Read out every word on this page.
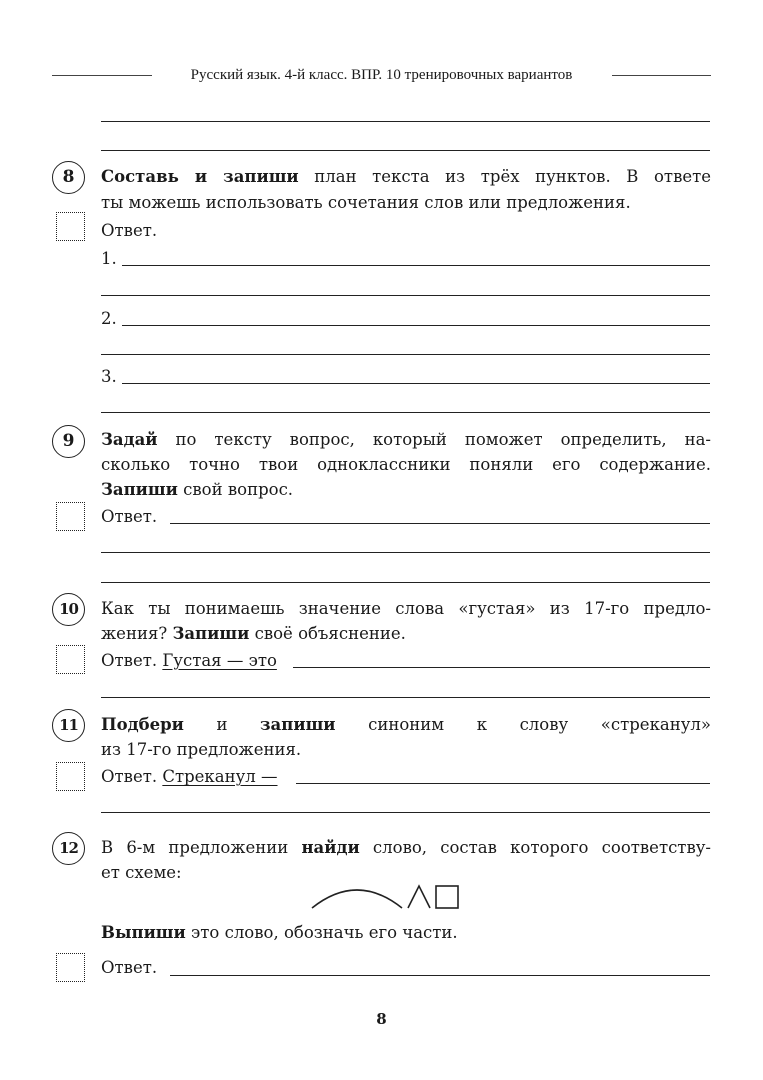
Русский язык. 4-й класс. ВПР. 10 тренировочных вариантов
8	Составь и запиши план текста из трёх пунктов. В ответе
ты можешь использовать сочетания слов или предложения.
Ответ.
1.
2.
3.
9	Задай по тексту вопрос, который поможет определить, на-
сколько точно твои одноклассники поняли его содержание.
Запиши свой вопрос.
Ответ.
10	Как ты понимаешь значение слова «густая» из 17-го предло-
жения? Запиши своё объяснение.
Ответ. Густая — это
11	Подбери и запиши синоним к слову «стреканул»
из 17-го предложения.
Ответ. Стреканул —
12	В 6-м предложении найди слово, состав которого соответству-
ет схеме:
Выпиши это слово, обозначь его части.
Ответ.
8
